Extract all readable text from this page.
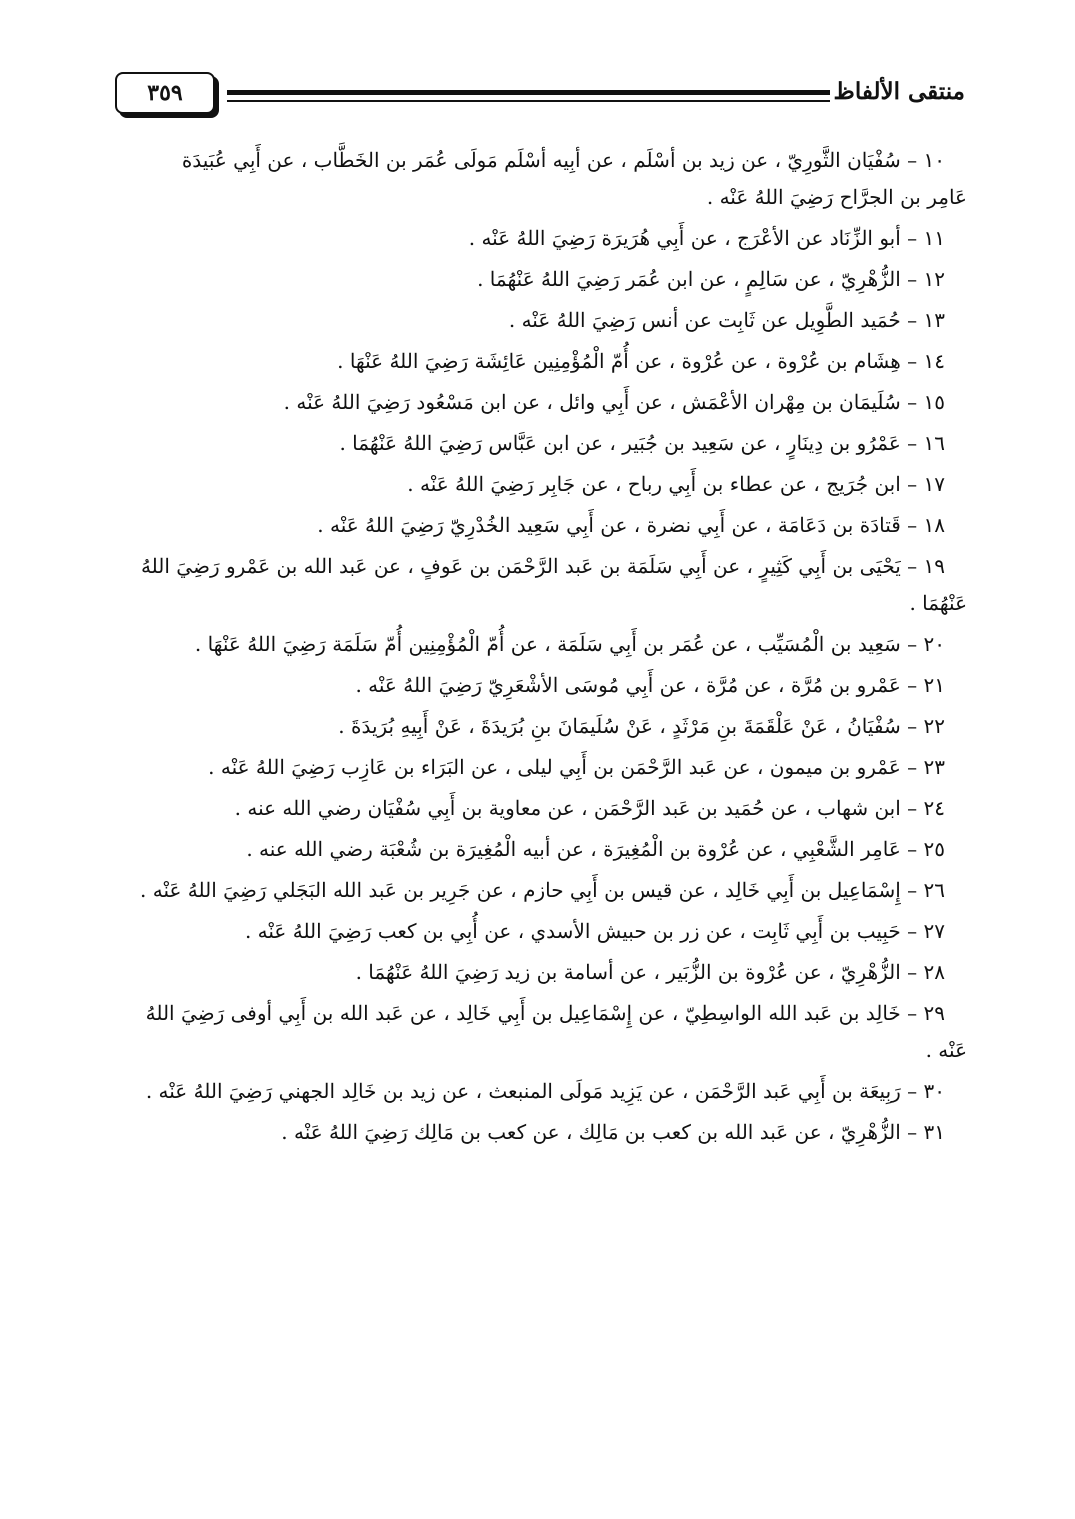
منتقى الألفاظ
٣٥٩
١٠ – سُفْيَان الثَّورِيّ ، عن زيد بن أسْلَم ، عن أبِيه أسْلَم مَولَى عُمَر بن الخَطَّاب ، عن أَبِي عُبَيدَة عَامِر بن الجرَّاح رَضِيَ اللهُ عَنْه .
١١ – أبو الزِّنَاد عن الأعْرَج ، عن أَبِي هُرَيرَة رَضِيَ اللهُ عَنْه .
١٢ – الزُّهْرِيّ ، عن سَالِمٍ ، عن ابن عُمَر رَضِيَ اللهُ عَنْهُمَا .
١٣ – حُمَيد الطَّوِيل عن ثَابِت عن أنس رَضِيَ اللهُ عَنْه .
١٤ – هِشَام بن عُرْوة ، عن عُرْوة ، عن أُمّ الْمُؤْمِنِين عَائِشَة رَضِيَ اللهُ عَنْهَا .
١٥ – سُلَيمَان بن مِهْران الأعْمَش ، عن أَبِي وائل ، عن ابن مَسْعُود رَضِيَ اللهُ عَنْه .
١٦ – عَمْرُو بن دِينَارٍ ، عن سَعِيد بن جُبَير ، عن ابن عَبَّاس رَضِيَ اللهُ عَنْهُمَا .
١٧ – ابن جُرَيج ، عن عطاء بن أَبِي رباح ، عن جَابِر رَضِيَ اللهُ عَنْه .
١٨ – قَتادَة بن دَعَامَة ، عن أَبِي نضرة ، عن أَبِي سَعِيد الخُدْرِيّ رَضِيَ اللهُ عَنْه .
١٩ – يَحْيَى بن أَبِي كَثِيرٍ ، عن أَبِي سَلَمَة بن عَبد الرَّحْمَن بن عَوفٍ ، عن عَبد الله بن عَمْرو رَضِيَ اللهُ عَنْهُمَا .
٢٠ – سَعِيد بن الْمُسَيِّب ، عن عُمَر بن أَبِي سَلَمَة ، عن أُمّ الْمُؤْمِنِين أُمّ سَلَمَة رَضِيَ اللهُ عَنْهَا .
٢١ – عَمْرو بن مُرَّة ، عن مُرَّة ، عن أَبِي مُوسَى الأشْعَرِيّ رَضِيَ اللهُ عَنْه .
٢٢ – سُفْيَانُ ، عَنْ عَلْقَمَةَ بنِ مَرْثَدٍ ، عَنْ سُلَيمَانَ بنِ بُرَيدَةَ ، عَنْ أَبِيهِ بُرَيدَةَ .
٢٣ – عَمْرو بن ميمون ، عن عَبد الرَّحْمَن بن أَبِي ليلى ، عن البَرَاء بن عَازِب رَضِيَ اللهُ عَنْه .
٢٤ – ابن شهاب ، عن حُمَيد بن عَبد الرَّحْمَن ، عن معاوية بن أَبِي سُفْيَان رضي الله عنه .
٢٥ – عَامِر الشَّعْبِي ، عن عُرْوة بن الْمُغِيرَة ، عن أبيه الْمُغِيرَة بن شُعْبَة رضي الله عنه .
٢٦ – إِسْمَاعِيل بن أَبِي خَالِد ، عن قيس بن أَبِي حازم ، عن جَرِير بن عَبد الله البَجَلي رَضِيَ اللهُ عَنْه .
٢٧ – حَبِيب بن أَبِي ثَابِت ، عن زر بن حبيش الأسدي ، عن أُبِي بن كعب رَضِيَ اللهُ عَنْه .
٢٨ – الزُّهْرِيّ ، عن عُرْوة بن الزُّبَير ، عن أسامة بن زيد رَضِيَ اللهُ عَنْهُمَا .
٢٩ – خَالِد بن عَبد الله الواسِطِيّ ، عن إِسْمَاعِيل بن أَبِي خَالِد ، عن عَبد الله بن أَبِي أوفى رَضِيَ اللهُ عَنْه .
٣٠ – رَبِيعَة بن أَبِي عَبد الرَّحْمَن ، عن يَزِيد مَولَى المنبعث ، عن زيد بن خَالِد الجهني رَضِيَ اللهُ عَنْه .
٣١ – الزُّهْرِيّ ، عن عَبد الله بن كعب بن مَالِك ، عن كعب بن مَالِك رَضِيَ اللهُ عَنْه .
